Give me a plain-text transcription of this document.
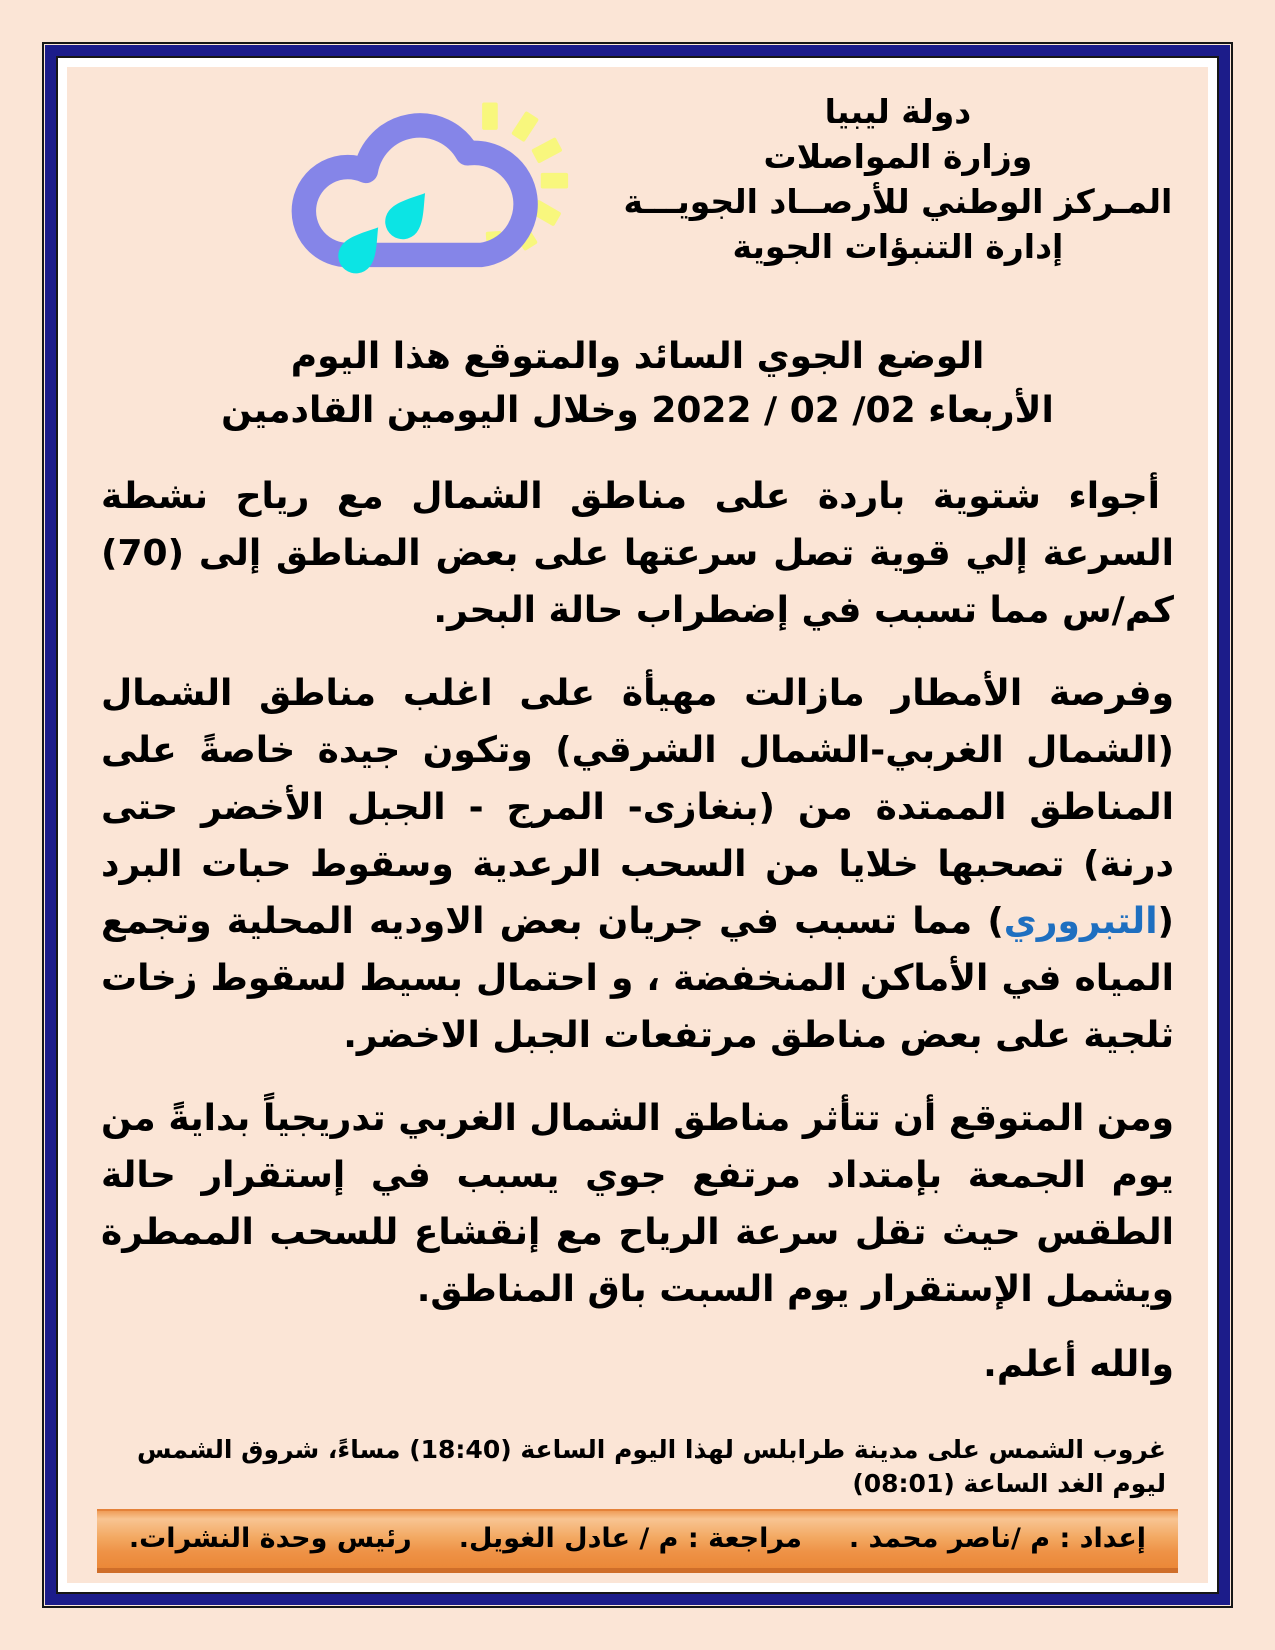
دولة ليبيا
وزارة المواصلات
المـركز الوطني للأرصــاد الجويـــة
إدارة التنبؤات الجوية
الوضع الجوي السائد والمتوقع هذا اليوم
الأربعاء 02/ 02 / 2022 وخلال اليومين القادمين

أجواء شتوية باردة على مناطق الشمال مع رياح نشطة السرعة إلي قوية تصل سرعتها على بعض المناطق إلى (70) كم/س مما تسبب في إضطراب حالة البحر.

وفرصة الأمطار مازالت مهيأة على اغلب مناطق الشمال (الشمال الغربي-الشمال الشرقي) وتكون جيدة خاصةً على المناطق الممتدة من (بنغازى- المرج - الجبل الأخضر حتى درنة) تصحبها خلايا من السحب الرعدية وسقوط حبات البرد (التبروري) مما تسبب في جريان بعض الاوديه المحلية وتجمع المياه في الأماكن المنخفضة ، و احتمال بسيط لسقوط زخات ثلجية على بعض مناطق مرتفعات الجبل الاخضر.

ومن المتوقع أن تتأثر مناطق الشمال الغربي تدريجياً بدايةً من يوم الجمعة بإمتداد مرتفع جوي يسبب في إستقرار حالة الطقس حيث تقل سرعة الرياح مع إنقشاع للسحب الممطرة ويشمل الإستقرار يوم السبت باق المناطق.

والله أعلم.

غروب الشمس على مدينة طرابلس لهذا اليوم الساعة (18:40) مساءً، شروق الشمس ليوم الغد الساعة (08:01)
إعداد : م /ناصر محمد .     مراجعة : م / عادل الغويل.     رئيس وحدة النشرات.
